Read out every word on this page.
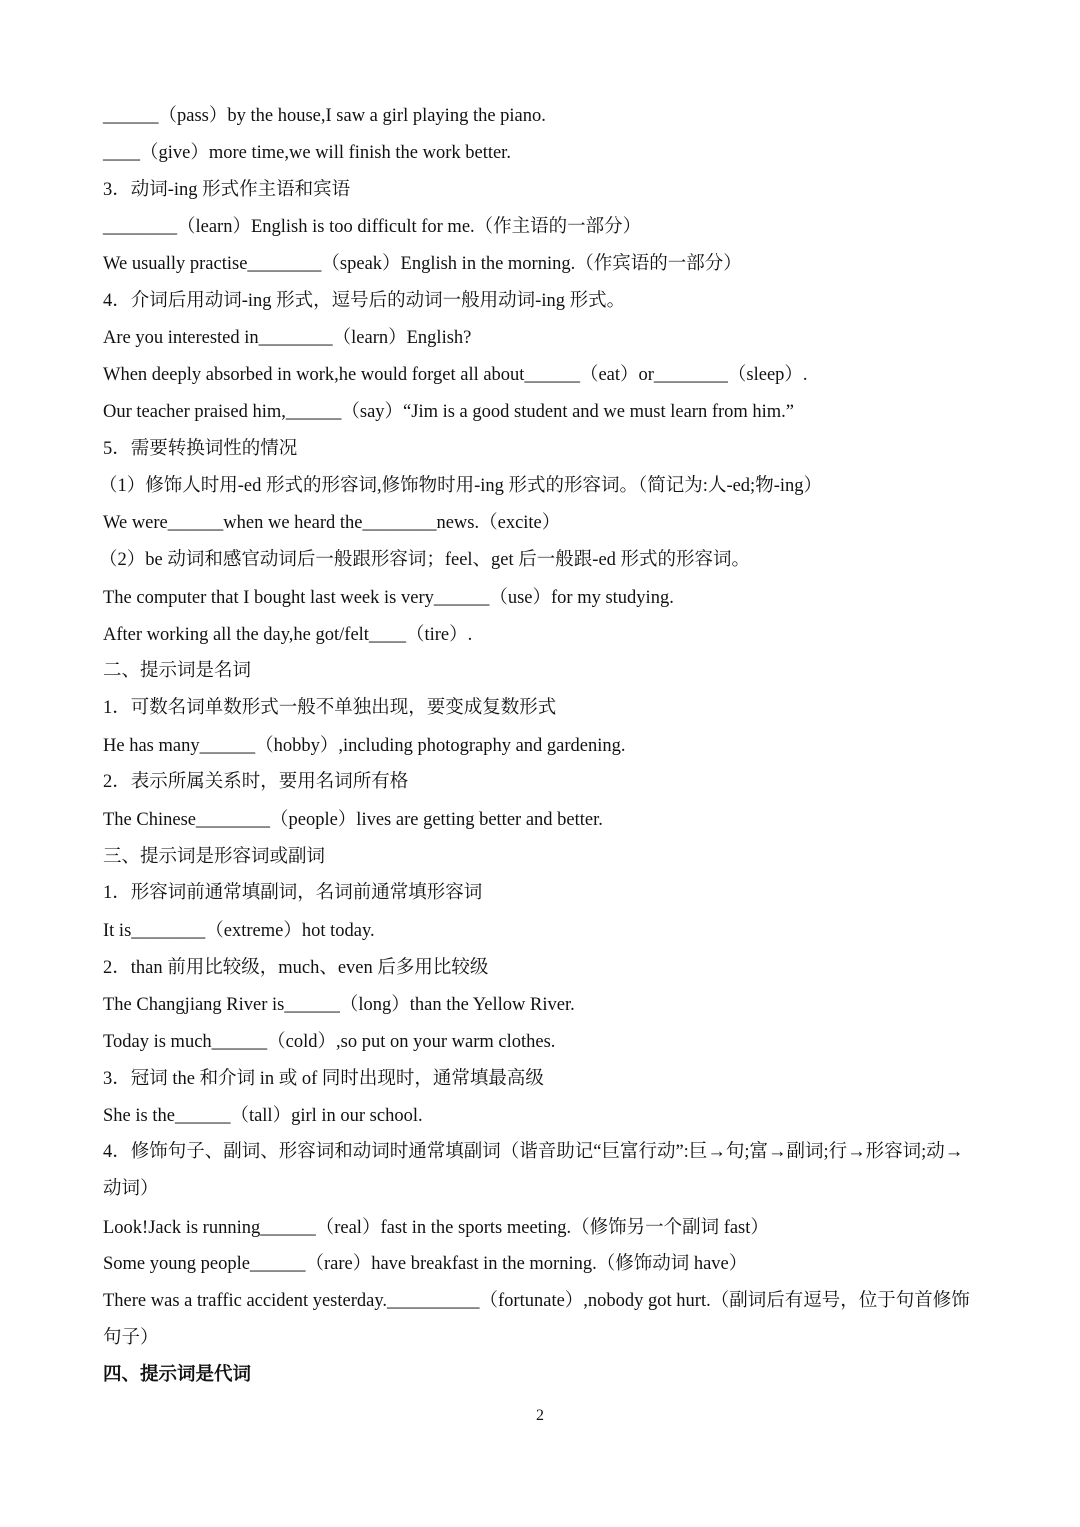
______（pass）by the house,I saw a girl playing the piano.
____（give）more time,we will finish the work better.
3．动词-ing 形式作主语和宾语
________（learn）English is too difficult for me.（作主语的一部分）
We usually practise________（speak）English in the morning.（作宾语的一部分）
4．介词后用动词-ing 形式，逗号后的动词一般用动词-ing 形式。
Are you interested in________（learn）English?
When deeply absorbed in work,he would forget all about______（eat）or________（sleep）.
Our teacher praised him,______（say）“Jim is a good student and we must learn from him.”
5．需要转换词性的情况
（1）修饰人时用-ed 形式的形容词,修饰物时用-ing 形式的形容词。（简记为:人-ed;物-ing）
We were______when we heard the________news.（excite）
（2）be 动词和感官动词后一般跟形容词；feel、get 后一般跟-ed 形式的形容词。
The computer that I bought last week is very______（use）for my studying.
After working all the day,he got/felt____（tire）.
二、提示词是名词
1．可数名词单数形式一般不单独出现，要变成复数形式
He has many______（hobby）,including photography and gardening.
2．表示所属关系时，要用名词所有格
The Chinese________（people）lives are getting better and better.
三、提示词是形容词或副词
1．形容词前通常填副词，名词前通常填形容词
It is________（extreme）hot today.
2．than 前用比较级，much、even 后多用比较级
The Changjiang River is______（long）than the Yellow River.
Today is much______（cold）,so put on your warm clothes.
3．冠词 the 和介词 in 或 of 同时出现时，通常填最高级
She is the______（tall）girl in our school.
4．修饰句子、副词、形容词和动词时通常填副词（谐音助记“巨富行动”:巨→句;富→副词;行→形容词;动→动词）
Look!Jack is running______（real）fast in the sports meeting.（修饰另一个副词 fast）
Some young people______（rare）have breakfast in the morning.（修饰动词 have）
There was a traffic accident yesterday.__________（fortunate）,nobody got hurt.（副词后有逗号，位于句首修饰句子）
四、提示词是代词
2
